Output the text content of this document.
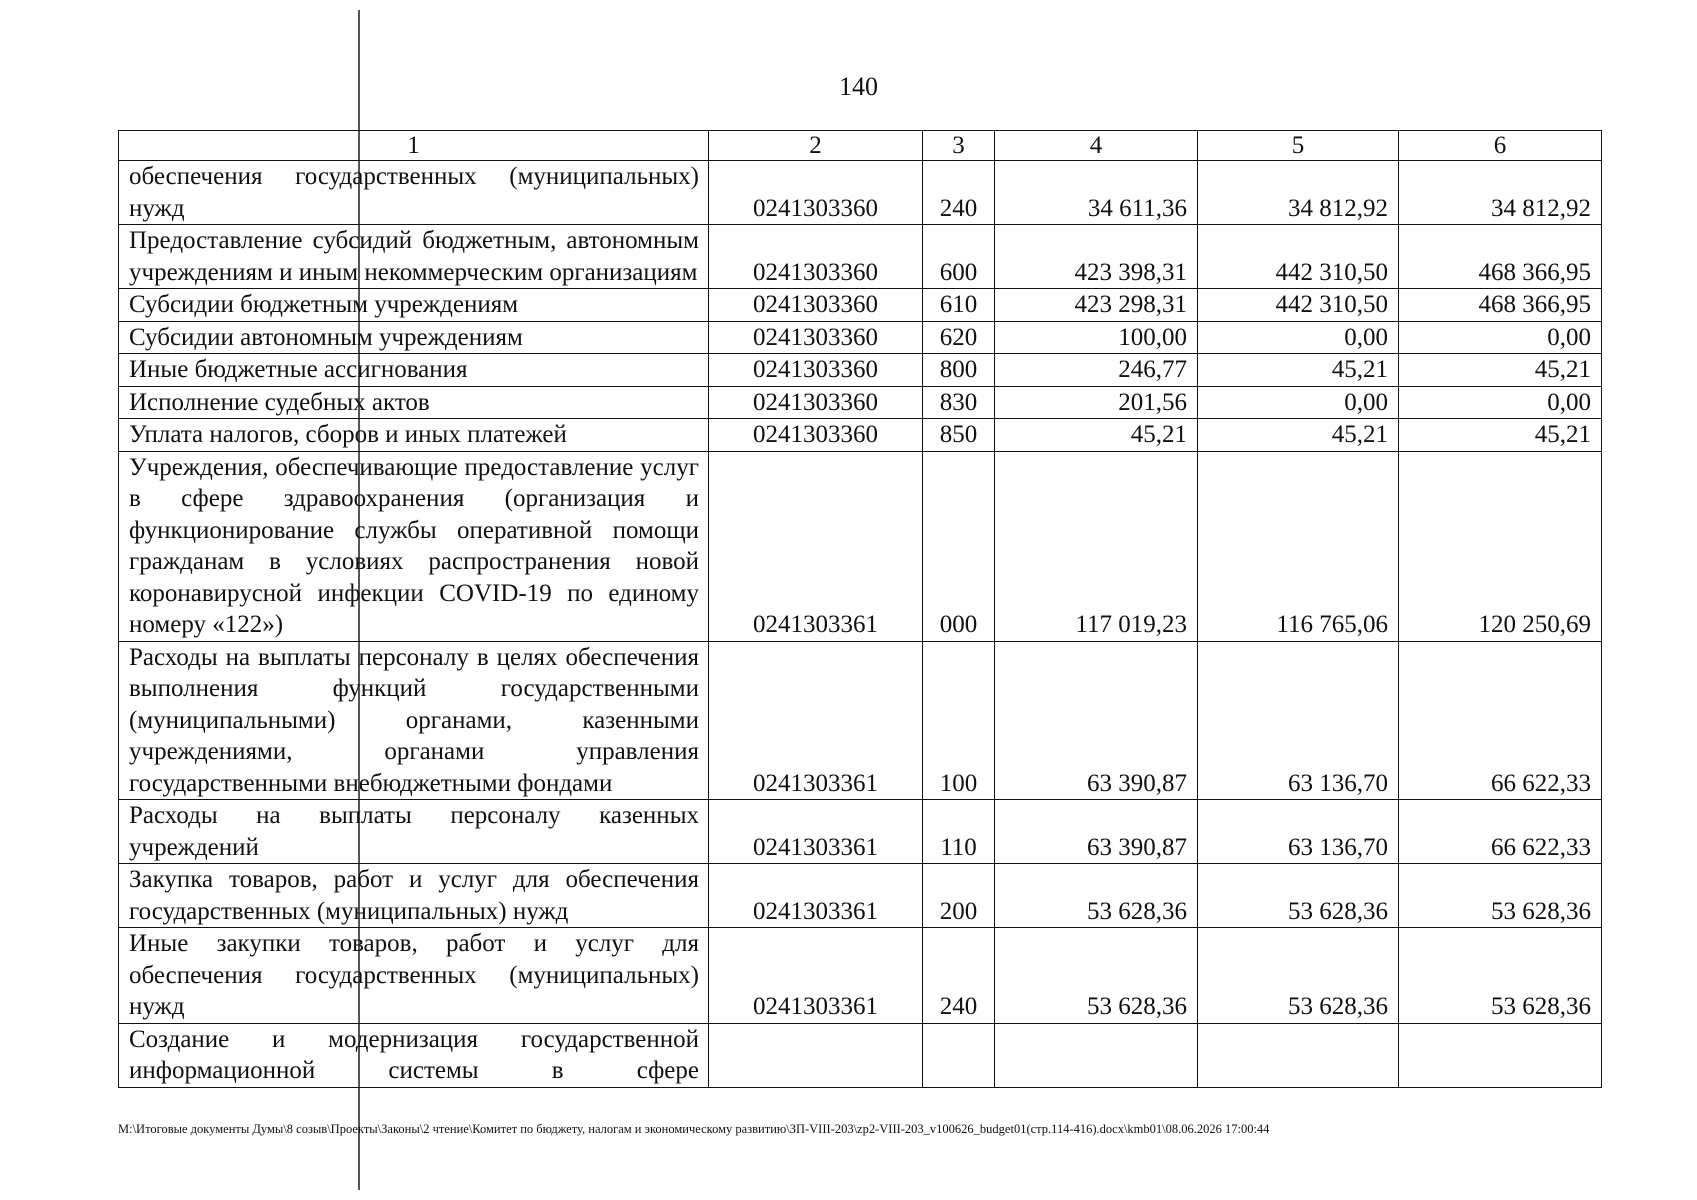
140
1	2	3	4	5	6
обеспечения государственных (муниципальных) нужд	0241303360	240	34 611,36	34 812,92	34 812,92
Предоставление субсидий бюджетным, автономным учреждениям и иным некоммерческим организациям	0241303360	600	423 398,31	442 310,50	468 366,95
Субсидии бюджетным учреждениям	0241303360	610	423 298,31	442 310,50	468 366,95
Субсидии автономным учреждениям	0241303360	620	100,00	0,00	0,00
Иные бюджетные ассигнования	0241303360	800	246,77	45,21	45,21
Исполнение судебных актов	0241303360	830	201,56	0,00	0,00
Уплата налогов, сборов и иных платежей	0241303360	850	45,21	45,21	45,21
Учреждения, обеспечивающие предоставление услуг в сфере здравоохранения (организация и функционирование службы оперативной помощи гражданам в условиях распространения новой коронавирусной инфекции COVID-19 по единому номеру «122»)	0241303361	000	117 019,23	116 765,06	120 250,69
Расходы на выплаты персоналу в целях обеспечения выполнения функций государственными (муниципальными) органами, казенными учреждениями, органами управления государственными внебюджетными фондами	0241303361	100	63 390,87	63 136,70	66 622,33
Расходы на выплаты персоналу казенных учреждений	0241303361	110	63 390,87	63 136,70	66 622,33
Закупка товаров, работ и услуг для обеспечения государственных (муниципальных) нужд	0241303361	200	53 628,36	53 628,36	53 628,36
Иные закупки товаров, работ и услуг для обеспечения государственных (муниципальных) нужд	0241303361	240	53 628,36	53 628,36	53 628,36
Создание и модернизация государственной информационной системы в сфере					
M:\Итоговые документы Думы\8 созыв\Проекты\Законы\2 чтение\Комитет по бюджету, налогам и экономическому развитию\ЗП-VIII-203\zp2-VIII-203_v100626_budget01(стр.114-416).docx\kmb01\08.06.2026 17:00:44
